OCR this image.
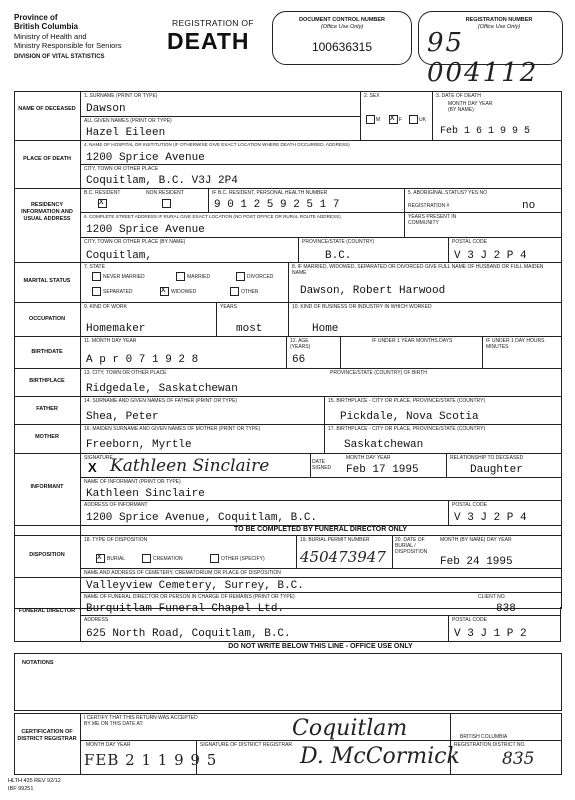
Province of
British Columbia
Ministry of Health and
Ministry Responsible for Seniors
DIVISION OF VITAL STATISTICS
REGISTRATION OF
DEATH
DOCUMENT CONTROL NUMBER
(Office Use Only)
100636315
REGISTRATION NUMBER
(Office Use Only)
95 004112
NAME OF DECEASED
1. SURNAME (PRINT OR TYPE)
Dawson
ALL GIVEN NAMES (PRINT OR TYPE)
Hazel Eileen
2. SEX
M x F	UK
3. DATE OF DEATH
MONTH DAY YEAR
(BY NAME)
Feb 1 6 1 9 9 5
PLACE OF DEATH
4. NAME OF HOSPITAL OR INSTITUTION (IF OTHERWISE GIVE EXACT LOCATION WHERE DEATH OCCURRED, ADDRESS)
1200 Sprice Avenue
CITY, TOWN OR OTHER PLACE
Coquitlam, B.C. V3J 2P4
RESIDENCY INFORMATION AND USUAL ADDRESS
B.C. RESIDENT	NON RESIDENT
x
IF B.C. RESIDENT, PERSONAL HEALTH NUMBER
9 0 1 2 5 9 2 5 1 7
5. ABORIGINAL STATUS? YES NO
REGISTRATION #	no
6. COMPLETE STREET ADDRESS IF RURAL GIVE EXACT LOCATION (NO POST OFFICE OR RURAL ROUTE ADDRESS)
1200 Sprice Avenue
YEARS PRESENT IN COMMUNITY
CITY, TOWN OR OTHER PLACE (BY NAME)
Coquitlam,
PROVINCE/STATE (COUNTRY)
B.C.
POSTAL CODE
V 3 J 2 P 4
MARITAL STATUS
7. STATE
NEVER MARRIED	MARRIED	DIVORCED
SEPARATED	x WIDOWED	OTHER
8. IF MARRIED, WIDOWED, SEPARATED OR DIVORCED GIVE FULL NAME OF HUSBAND OR FULL MAIDEN NAME
Dawson, Robert Harwood
OCCUPATION
9. KIND OF WORK	YEARS
Homemaker	most
10. KIND OF BUSINESS OR INDUSTRY IN WHICH WORKED
Home
BIRTHDATE
11. MONTH DAY YEAR
A p r 0 7 1 9 2 8
12. AGE (YEARS)
66
IF UNDER 1 YEAR MONTHS DAYS	IF UNDER 1 DAY HOURS MINUTES
BIRTHPLACE
13. CITY, TOWN OR OTHER PLACE	PROVINCE/STATE (COUNTRY) OF BIRTH
Ridgedale, Saskatchewan
FATHER
14. SURNAME AND GIVEN NAMES OF FATHER (PRINT OR TYPE)
Shea, Peter
15. BIRTHPLACE - CITY OR PLACE, PROVINCE/STATE (COUNTRY)
Pickdale, Nova Scotia
MOTHER
16. MAIDEN SURNAME AND GIVEN NAMES OF MOTHER (PRINT OR TYPE)
Freeborn, Myrtle
17. BIRTHPLACE - CITY OR PLACE, PROVINCE/STATE (COUNTRY)
Saskatchewan
INFORMANT
SIGNATURE
X Kathleen Sinclaire	DATE SIGNED
MONTH DAY YEAR
Feb 17 1995
RELATIONSHIP TO DECEASED
Daughter
NAME OF INFORMANT (PRINT OR TYPE)
Kathleen Sinclaire
ADDRESS OF INFORMANT	POSTAL CODE
1200 Sprice Avenue, Coquitlam, B.C.	V 3 J 2 P 4
TO BE COMPLETED BY FUNERAL DIRECTOR ONLY
DISPOSITION
18. TYPE OF DISPOSITION
x BURIAL	CREMATION	OTHER (SPECIFY)
19. BURIAL PERMIT NUMBER
450473947
20. DATE OF BURIAL / DISPOSITION
MONTH (BY NAME) DAY YEAR
Feb 24 1995
NAME AND ADDRESS OF CEMETERY, CREMATORIUM OR PLACE OF DISPOSITION
Valleyview Cemetery, Surrey, B.C.
FUNERAL DIRECTOR
NAME OF FUNERAL DIRECTOR OR PERSON IN CHARGE OF REMAINS (PRINT OR TYPE)	CLIENT NO.
Burquitlam Funeral Chapel Ltd.	838
ADDRESS	POSTAL CODE
625 North Road, Coquitlam, B.C.	V 3 J 1 P 2
DO NOT WRITE BELOW THIS LINE - OFFICE USE ONLY
NOTATIONS
CERTIFICATION OF DISTRICT REGISTRAR
I CERTIFY THAT THIS RETURN WAS ACCEPTED BY ME ON THIS DATE AT:
MONTH DAY YEAR
FEB 2 1 1 9 9 5
SIGNATURE OF DISTRICT REGISTRAR
Coquitlam
D. McCormick
BRITISH COLUMBIA
REGISTRATION DISTRICT NO.
835
HLTH 435 REV 92/12
IBF 99251
